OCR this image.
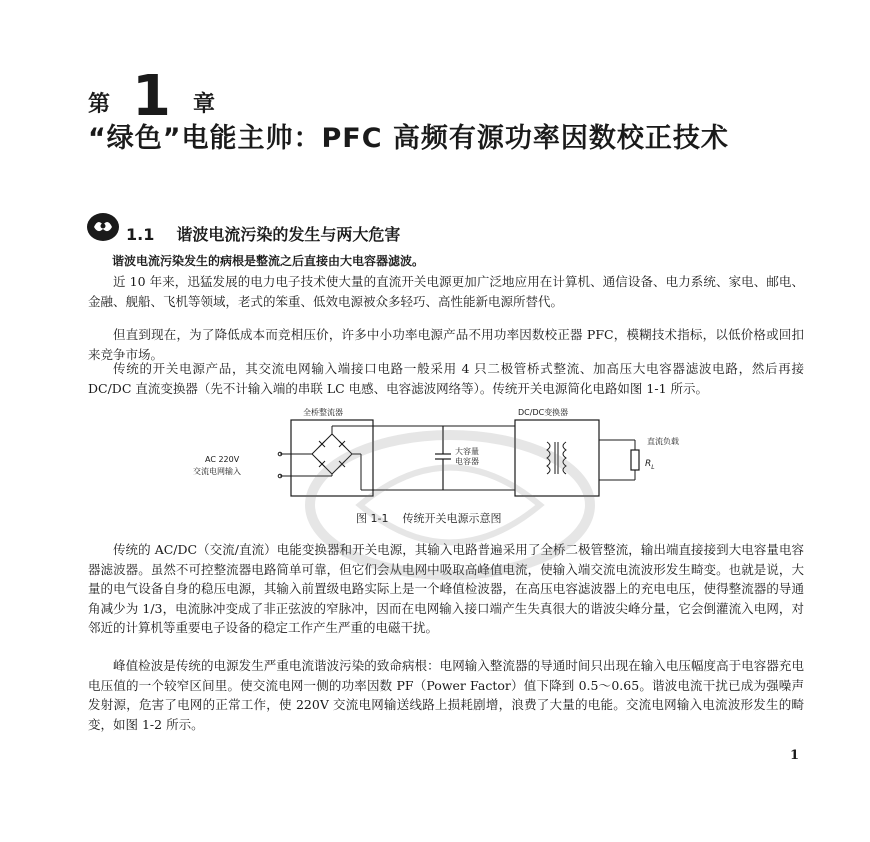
第 1 章
“绿色”电能主帅：PFC 高频有源功率因数校正技术
1.1 谐波电流污染的发生与两大危害
谐波电流污染发生的病根是整流之后直接由大电容器滤波。

近 10 年来，迅猛发展的电力电子技术使大量的直流开关电源更加广泛地应用在计算机、通信设备、电力系统、家电、邮电、金融、舰船、飞机等领域，老式的笨重、低效电源被众多轻巧、高性能新电源所替代。

但直到现在，为了降低成本而竞相压价，许多中小功率电源产品不用功率因数校正器 PFC，模糊技术指标，以低价格或回扣来竞争市场。

传统的开关电源产品，其交流电网输入端接口电路一般采用 4 只二极管桥式整流、加高压大电容器滤波电路，然后再接 DC/DC 直流变换器（先不计输入端的串联 LC 电感、电容滤波网络等）。传统开关电源简化电路如图 1-1 所示。

全桥整流器
AC 220V
交流电网输入
大容量
电容器
DC/DC变换器
直流负载
$R_L$
图 1-1 传统开关电源示意图

传统的 AC/DC（交流/直流）电能变换器和开关电源，其输入电路普遍采用了全桥二极管整流，输出端直接接到大电容量电容器滤波器。虽然不可控整流器电路简单可靠，但它们会从电网中吸取高峰值电流，使输入端交流电流波形发生畸变。也就是说，大量的电气设备自身的稳压电源，其输入前置级电路实际上是一个峰值检波器，在高压电容滤波器上的充电电压，使得整流器的导通角减少为 1/3，电流脉冲变成了非正弦波的窄脉冲，因而在电网输入接口端产生失真很大的谐波尖峰分量，它会倒灌流入电网，对邻近的计算机等重要电子设备的稳定工作产生严重的电磁干扰。

峰值检波是传统的电源发生严重电流谐波污染的致命病根：电网输入整流器的导通时间只出现在输入电压幅度高于电容器充电电压值的一个较窄区间里。使交流电网一侧的功率因数 PF（Power Factor）值下降到 0.5～0.65。谐波电流干扰已成为强噪声发射源，危害了电网的正常工作，使 220V 交流电网输送线路上损耗剧增，浪费了大量的电能。交流电网输入电流波形发生的畸变，如图 1-2 所示。

1
